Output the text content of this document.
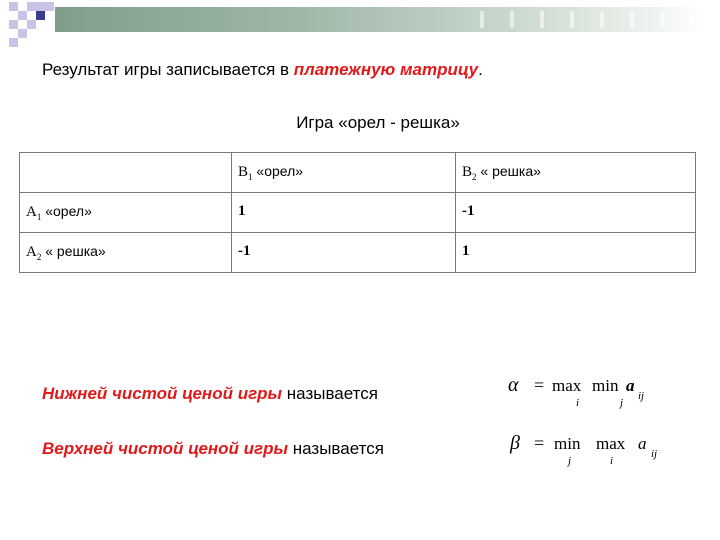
Результат игры записывается в платежную матрицу.
Игра «орел - решка»
	$B_1$ «орел»	$B_2$ « решка»
$A_1$ «орел»	1	-1
$A_2$ « решка»	-1	1
Нижней чистой ценой игры называется	α = max min a
ij
i	j
Верхней чистой ценой игры называется	β = min max a
ij
j	i
